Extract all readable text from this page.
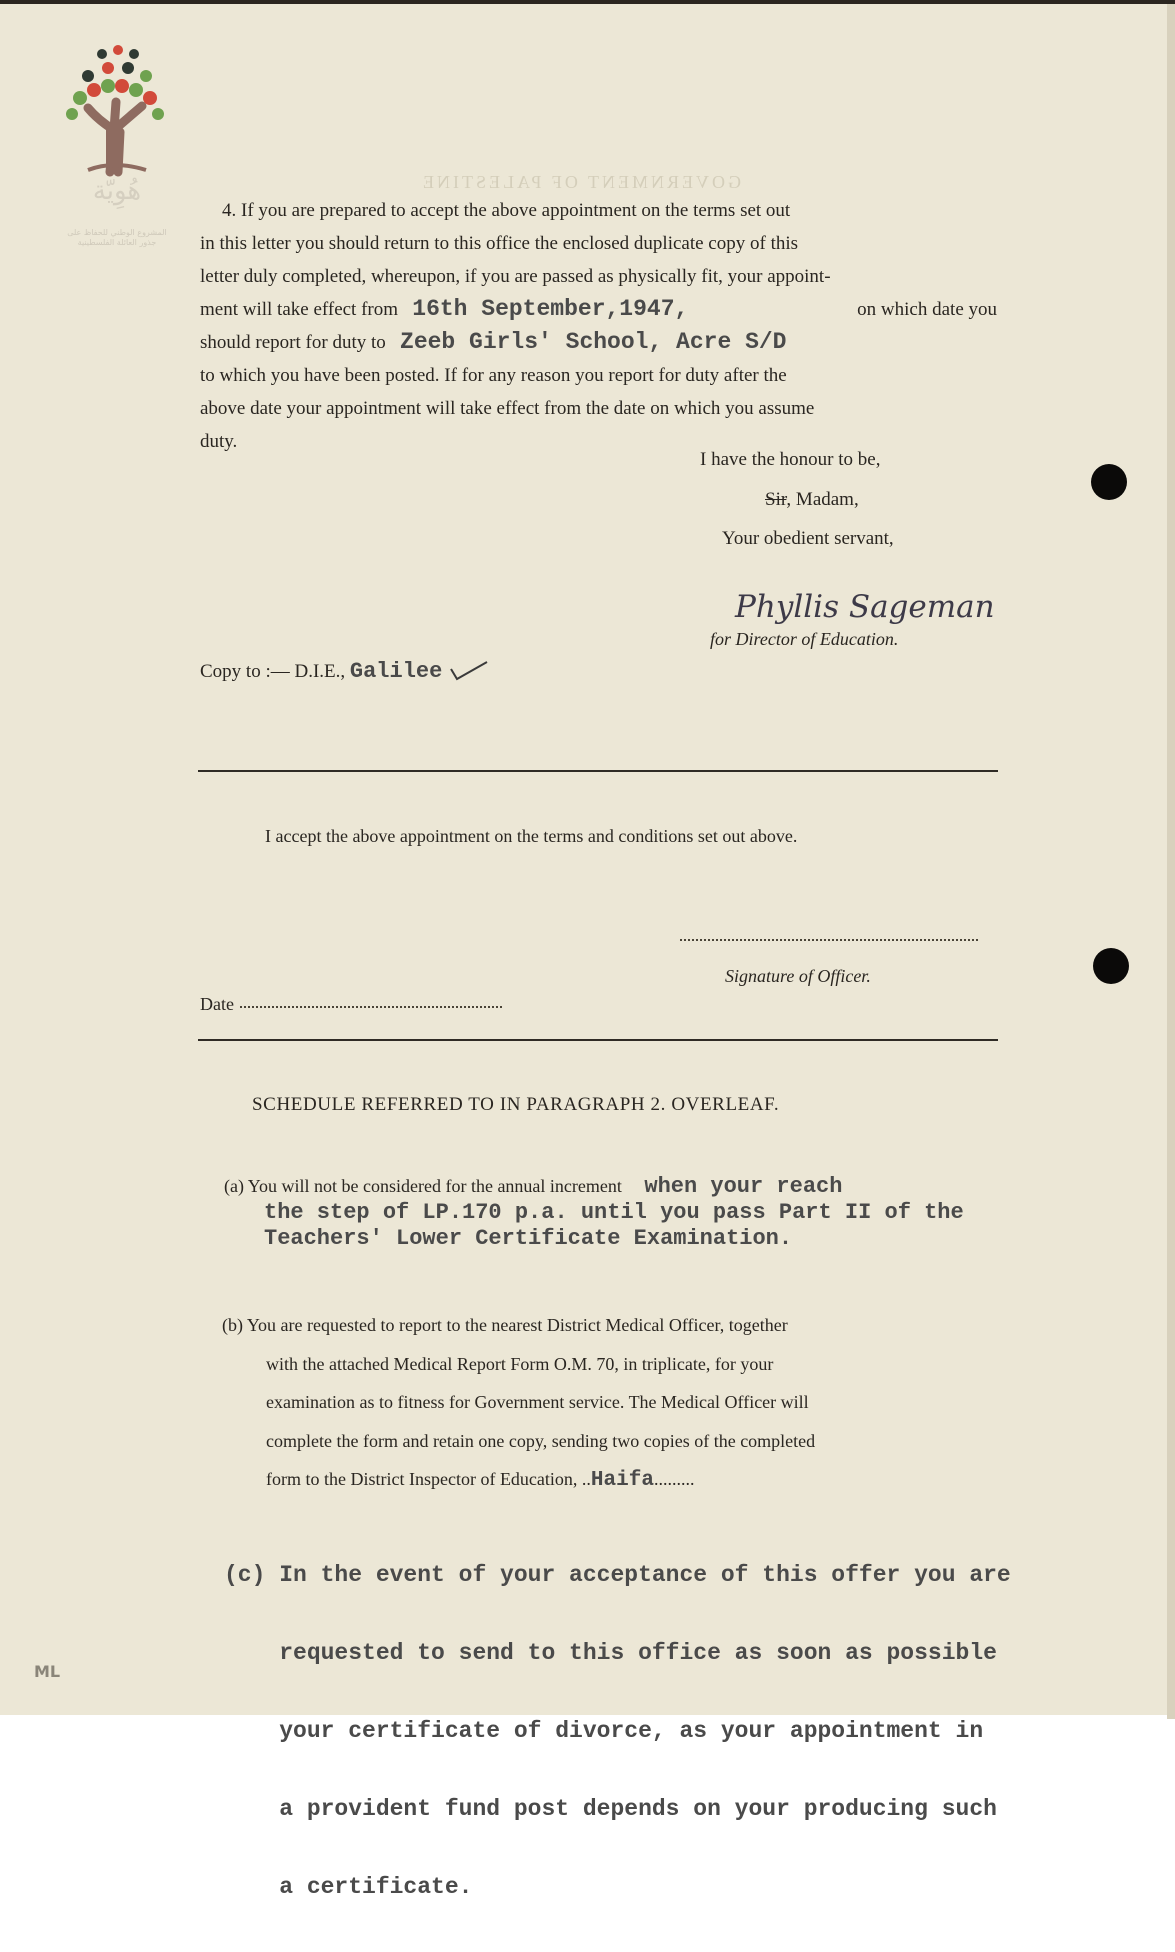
GOVERNMENT OF PALESTINE
هُوِيّة
المشروع الوطني للحفاظ على
جذور العائلة الفلسطينية
4. If you are prepared to accept the above appointment on the terms set out
in this letter you should return to this office the enclosed duplicate copy of this
letter duly completed, whereupon, if you are passed as physically fit, your appoint-
ment will take effect from 16th September,1947,	on which date you
should report for duty to Zeeb Girls' School, Acre S/D
to which you have been posted. If for any reason you report for duty after the
above date your appointment will take effect from the date on which you assume
duty.
I have the honour to be,
Sir, Madam,
Your obedient servant,
Phyllis Sageman
for Director of Education.
Copy to :— D.I.E., Galilee
I accept the above appointment on the terms and conditions set out above.
Signature of Officer.
Date
SCHEDULE REFERRED TO IN PARAGRAPH 2. OVERLEAF.
(a) You will not be considered for the annual increment when your reach
the step of LP.170 p.a. until you pass Part II of the
Teachers' Lower Certificate Examination.
(b) You are requested to report to the nearest District Medical Officer, together
with the attached Medical Report Form O.M. 70, in triplicate, for your
examination as to fitness for Government service. The Medical Officer will
complete the form and retain one copy, sending two copies of the completed
form to the District Inspector of Education, ..Haifa.........

(c) In the event of your acceptance of this offer you are

requested to send to this office as soon as possible

your certificate of divorce, as your appointment in

a provident fund post depends on your producing such

a certificate.

ML
